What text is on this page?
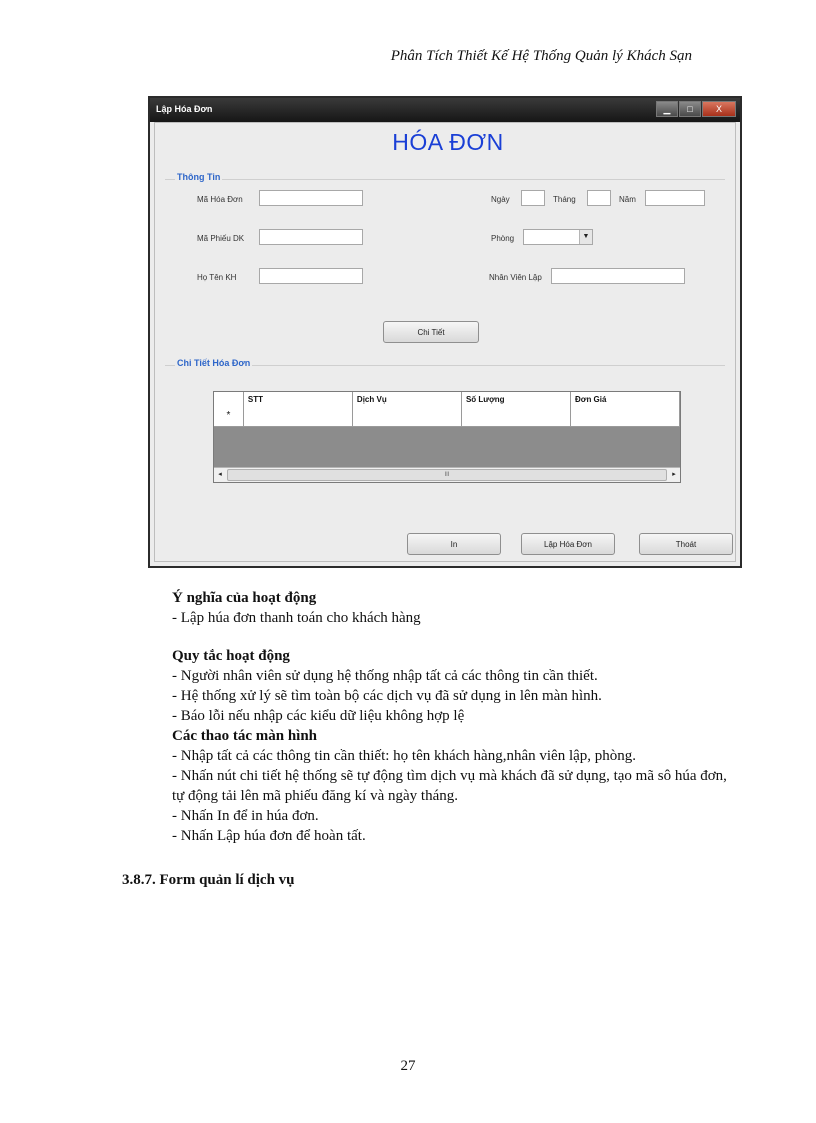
Phân Tích Thiết Kế Hệ Thống Quản lý Khách Sạn
Lập Hóa Đơn	▁	□	X
HÓA ĐƠN
Thông Tin
Mã Hóa Đơn
Mã Phiếu DK
Họ Tên KH
Ngày	Tháng	Năm
Phòng	▼
Nhân Viên Lập
Chi Tiết
Chi Tiết Hóa Đơn
STT	Dịch Vụ	Số Lượng	Đơn Giá
*
◂	III	▸
In	Lập Hóa Đơn	Thoát
Ý nghĩa của hoạt động
- Lập húa đơn thanh toán cho khách hàng
Quy tắc hoạt động
- Người nhân viên sử dụng hệ thống nhập tất cả các thông tin cần thiết.
- Hệ thống xử lý sẽ tìm toàn bộ các dịch vụ đã sử dụng in lên màn hình.
- Báo lỗi nếu nhập các kiểu dữ liệu không hợp lệ
Các thao tác màn hình
- Nhập tất cả các thông tin cần thiết: họ tên khách hàng,nhân viên lập, phòng.
- Nhấn nút chi tiết hệ thống sẽ tự động tìm dịch vụ mà khách đã sử dụng, tạo mã sô húa đơn, tự động tải lên mã phiếu đăng kí và ngày tháng.
- Nhấn In để in húa đơn.
- Nhấn Lập húa đơn để hoàn tất.
3.8.7. Form quản lí dịch vụ
27
